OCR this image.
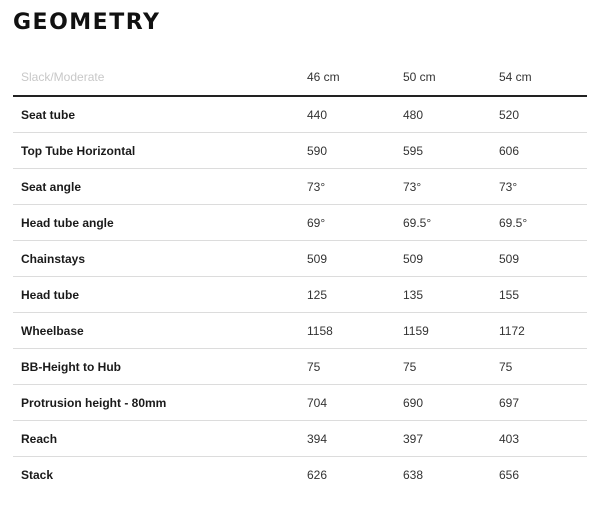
GEOMETRY
Slack/Moderate	46 cm	50 cm	54 cm
Seat tube	440	480	520
Top Tube Horizontal	590	595	606
Seat angle	73°	73°	73°
Head tube angle	69°	69.5°	69.5°
Chainstays	509	509	509
Head tube	125	135	155
Wheelbase	1158	1159	1172
BB-Height to Hub	75	75	75
Protrusion height - 80mm	704	690	697
Reach	394	397	403
Stack	626	638	656
